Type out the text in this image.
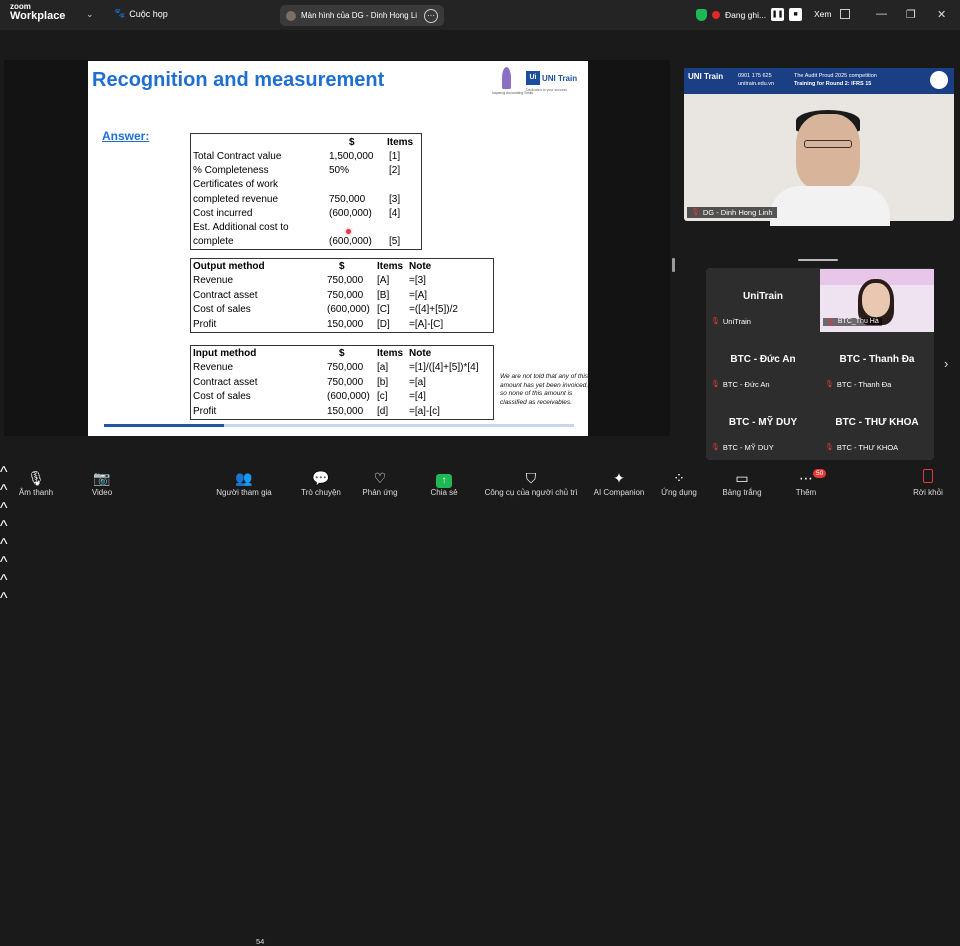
zoom
Workplace ⌄ 🐾 Cuộc họp	Màn hình của DG - Dinh Hong Li	···	Đang ghi... ❚❚	■	Xem	— ❐ ✕
Recognition and measurement
Inspiring Accounting Souls
Ui UNI Train
Dedicated to your success
Answer:	$	Items
Total Contract value	1,500,000 [1]
% Completeness	50%	[2]
Certificates of work
completed revenue	750,000 [3]
Cost incurred	(600,000) [4]
Est. Additional cost to
complete	(600,000) [5]
Output method	$	Items Note
Revenue	750,000 [A] =[3]
Contract asset	750,000 [B] =[A]
Cost of sales	(600,000) [C] =([4]+[5])/2
Profit	150,000 [D] =[A]-[C]
Input method	$	Items Note
Revenue	750,000 [a] =[1]/([4]+[5])*[4]
Contract asset	750,000 [b] =[a]
Cost of sales	(600,000) [c] =[4]
Profit	150,000 [d] =[a]-[c]
We are not told that any of this amount has yet been invoiced, so none of this amount is classified as receivables.
UNI Train	0901 175 625
unitrain.edu.vn
The Audit Proud 2025 competition
Training for Round 2: IFRS 15
🎙 DG - Dinh Hong Linh
UniTrain
🎙 UniTrain	🎙 BTC_Thu Hà
BTC - Đức An
🎙 BTC - Đức An
BTC - Thanh Đa
🎙 BTC - Thanh Đa
BTC - MỸ DUY
🎙 BTC - MỸ DUY
BTC - THƯ KHOA
🎙 BTC - THƯ KHOA
›
🎙
Âm thanh
^	📷
Video
^
👥
Người tham gia
54
^
💬
Trò chuyện
^
♡
Phản ứng
^
↑
Chia sẻ
^
⛉
Công cụ của người chủ trì
✦
AI Companion
⁘
Ứng dụng
^
▭
Bảng trắng
^
⋯
Thêm
50
Rời khỏi
